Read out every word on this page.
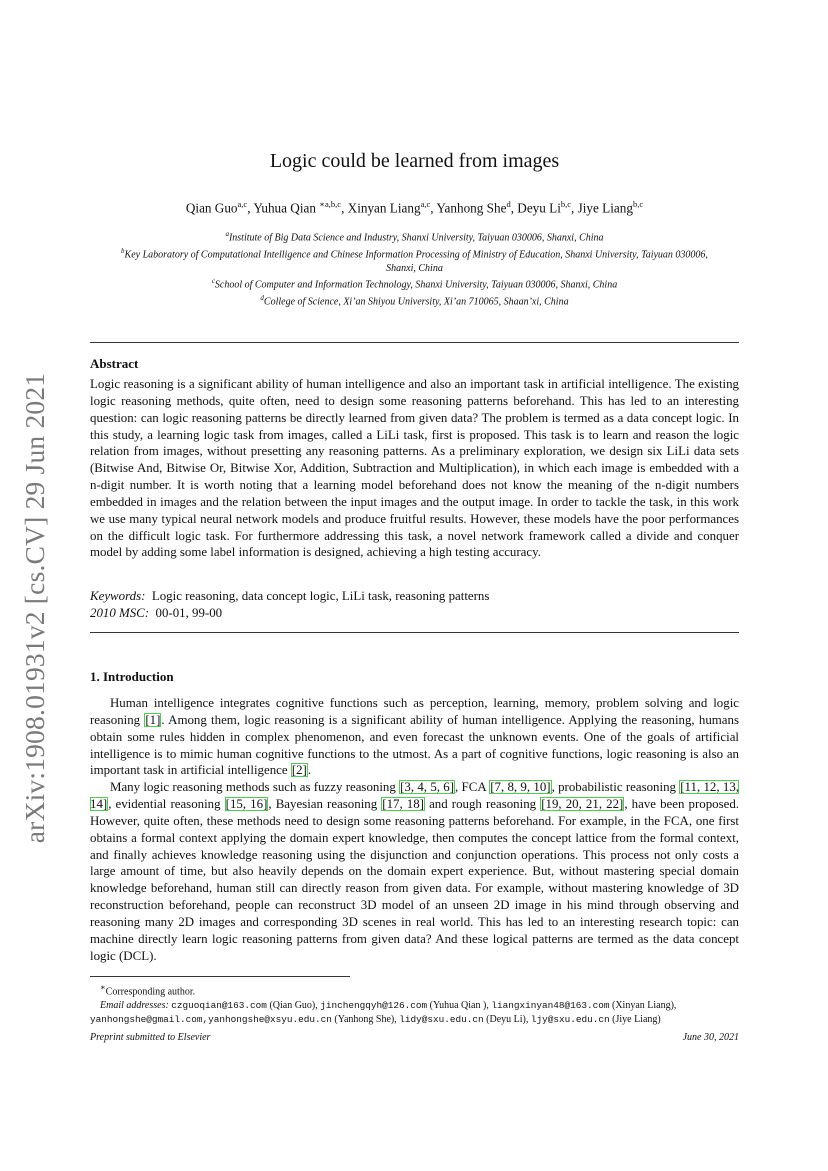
arXiv:1908.01931v2 [cs.CV] 29 Jun 2021
Logic could be learned from images
Qian Guo$^{a,c}$, Yuhua Qian $^{∗a,b,c}$, Xinyan Liang$^{a,c}$, Yanhong She$^d$, Deyu Li$^{b,c}$, Jiye Liang$^{b,c}$
$^a$Institute of Big Data Science and Industry, Shanxi University, Taiyuan 030006, Shanxi, China
$^b$Key Laboratory of Computational Intelligence and Chinese Information Processing of Ministry of Education, Shanxi University, Taiyuan 030006,
Shanxi, China
$^c$School of Computer and Information Technology, Shanxi University, Taiyuan 030006, Shanxi, China
$^d$College of Science, Xi’an Shiyou University, Xi’an 710065, Shaan’xi, China
Abstract
Logic reasoning is a significant ability of human intelligence and also an important task in artificial intelligence. The existing logic reasoning methods, quite often, need to design some reasoning patterns beforehand. This has led to an interesting question: can logic reasoning patterns be directly learned from given data? The problem is termed as a data concept logic. In this study, a learning logic task from images, called a LiLi task, first is proposed. This task is to learn and reason the logic relation from images, without presetting any reasoning patterns. As a preliminary exploration, we design six LiLi data sets (Bitwise And, Bitwise Or, Bitwise Xor, Addition, Subtraction and Multiplication), in which each image is embedded with a n-digit number. It is worth noting that a learning model beforehand does not know the meaning of the n-digit numbers embedded in images and the relation between the input images and the output image. In order to tackle the task, in this work we use many typical neural network models and produce fruitful results. However, these models have the poor performances on the difficult logic task. For furthermore addressing this task, a novel network framework called a divide and conquer model by adding some label information is designed, achieving a high testing accuracy.
Keywords: Logic reasoning, data concept logic, LiLi task, reasoning patterns
2010 MSC: 00-01, 99-00
1. Introduction

Human intelligence integrates cognitive functions such as perception, learning, memory, problem solving and logic reasoning [1]. Among them, logic reasoning is a significant ability of human intelligence. Applying the reasoning, humans obtain some rules hidden in complex phenomenon, and even forecast the unknown events. One of the goals of artificial intelligence is to mimic human cognitive functions to the utmost. As a part of cognitive functions, logic reasoning is also an important task in artificial intelligence [2].

Many logic reasoning methods such as fuzzy reasoning [3, 4, 5, 6], FCA [7, 8, 9, 10], probabilistic reasoning [11, 12, 13, 14], evidential reasoning [15, 16], Bayesian reasoning [17, 18] and rough reasoning [19, 20, 21, 22], have been proposed. However, quite often, these methods need to design some reasoning patterns beforehand. For example, in the FCA, one first obtains a formal context applying the domain expert knowledge, then computes the concept lattice from the formal context, and finally achieves knowledge reasoning using the disjunction and conjunction operations. This process not only costs a large amount of time, but also heavily depends on the domain expert experience. But, without mastering special domain knowledge beforehand, human still can directly reason from given data. For example, without mastering knowledge of 3D reconstruction beforehand, people can reconstruct 3D model of an unseen 2D image in his mind through observing and reasoning many 2D images and corresponding 3D scenes in real world. This has led to an interesting research topic: can machine directly learn logic reasoning patterns from given data? And these logical patterns are termed as the data concept logic (DCL).

∗Corresponding author.
Email addresses: czguoqian@163.com (Qian Guo), jinchengqyh@126.com (Yuhua Qian ), liangxinyan48@163.com (Xinyan Liang),
yanhongshe@gmail.com,yanhongshe@xsyu.edu.cn (Yanhong She), lidy@sxu.edu.cn (Deyu Li), ljy@sxu.edu.cn (Jiye Liang)
Preprint submitted to Elsevier	June 30, 2021
